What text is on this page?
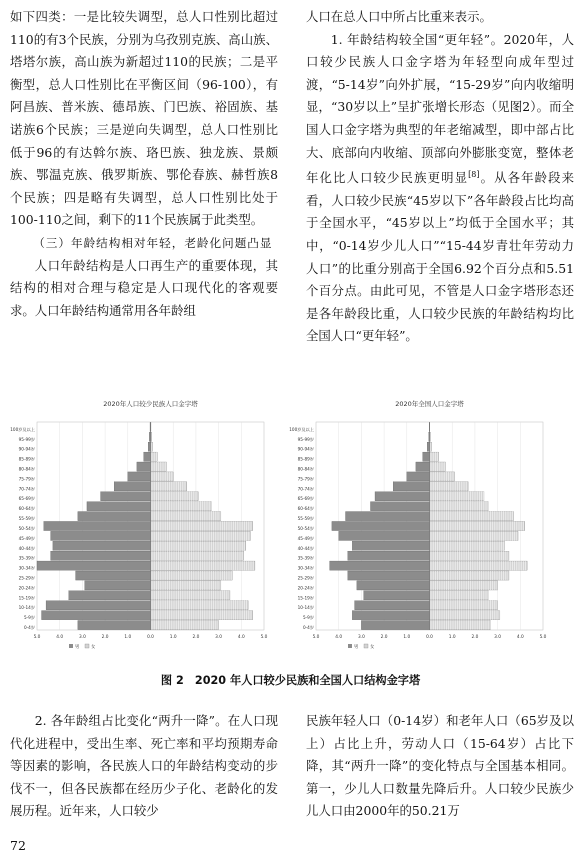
如下四类：一是比较失调型，总人口性别比超过110的有3个民族，分别为乌孜别克族、高山族、塔塔尔族，高山族为新超过110的民族；二是平衡型，总人口性别比在平衡区间（96-100），有阿昌族、普米族、德昂族、门巴族、裕固族、基诺族6个民族；三是逆向失调型，总人口性别比低于96的有达斡尔族、珞巴族、独龙族、景颇族、鄂温克族、俄罗斯族、鄂伦春族、赫哲族8个民族；四是略有失调型，总人口性别比处于100-110之间，剩下的11个民族属于此类型。

（三）年龄结构相对年轻，老龄化问题凸显

人口年龄结构是人口再生产的重要体现，其结构的相对合理与稳定是人口现代化的客观要求。人口年龄结构通常用各年龄组

人口在总人口中所占比重来表示。

1. 年龄结构较全国“更年轻”。2020年，人口较少民族人口金字塔为年轻型向成年型过渡，“5-14岁”向外扩展，“15-29岁”向内收缩明显，“30岁以上”呈扩张增长形态（见图2）。而全国人口金字塔为典型的年老缩减型，即中部占比大、底部向内收缩、顶部向外膨胀变宽，整体老年化比人口较少民族更明显[8]。从各年龄段来看，人口较少民族“45岁以下”各年龄段占比均高于全国水平，“45岁以上”均低于全国水平；其中，“0-14岁少儿人口”“15-44岁青壮年劳动力人口”的比重分别高于全国6.92个百分点和5.51个百分点。由此可见，不管是人口金字塔形态还是各年龄段比重，人口较少民族的年龄结构均比全国人口“更年轻”。

2020年人口较少民族人口金字塔
5.0	4.0	3.0	2.0	1.0	0.0	1.0	2.0	3.0	4.0	5.0
0-4岁
5-9岁
10-14岁
15-19岁
20-24岁
25-29岁
30-34岁
35-39岁
40-44岁
45-49岁
50-54岁
55-59岁
60-64岁
65-69岁
70-74岁
75-79岁
80-84岁
85-89岁
90-94岁
95-99岁
100岁及以上
男	女
2020年全国人口金字塔
5.0	4.0	3.0	2.0	1.0	0.0	1.0	2.0	3.0	4.0	5.0
0-4岁
5-9岁
10-14岁
15-19岁
20-24岁
25-29岁
30-34岁
35-39岁
40-44岁
45-49岁
50-54岁
55-59岁
60-64岁
65-69岁
70-74岁
75-79岁
80-84岁
85-89岁
90-94岁
95-99岁
100岁及以上
男	女
图 2　2020 年人口较少民族和全国人口结构金字塔

2. 各年龄组占比变化“两升一降”。在人口现代化进程中，受出生率、死亡率和平均预期寿命等因素的影响，各民族人口的年龄结构变动的步伐不一，但各民族都在经历少子化、老龄化的发展历程。近年来，人口较少

民族年轻人口（0-14岁）和老年人口（65岁及以上）占比上升，劳动人口（15-64岁）占比下降，其“两升一降”的变化特点与全国基本相同。第一，少儿人口数量先降后升。人口较少民族少儿人口由2000年的50.21万

72
